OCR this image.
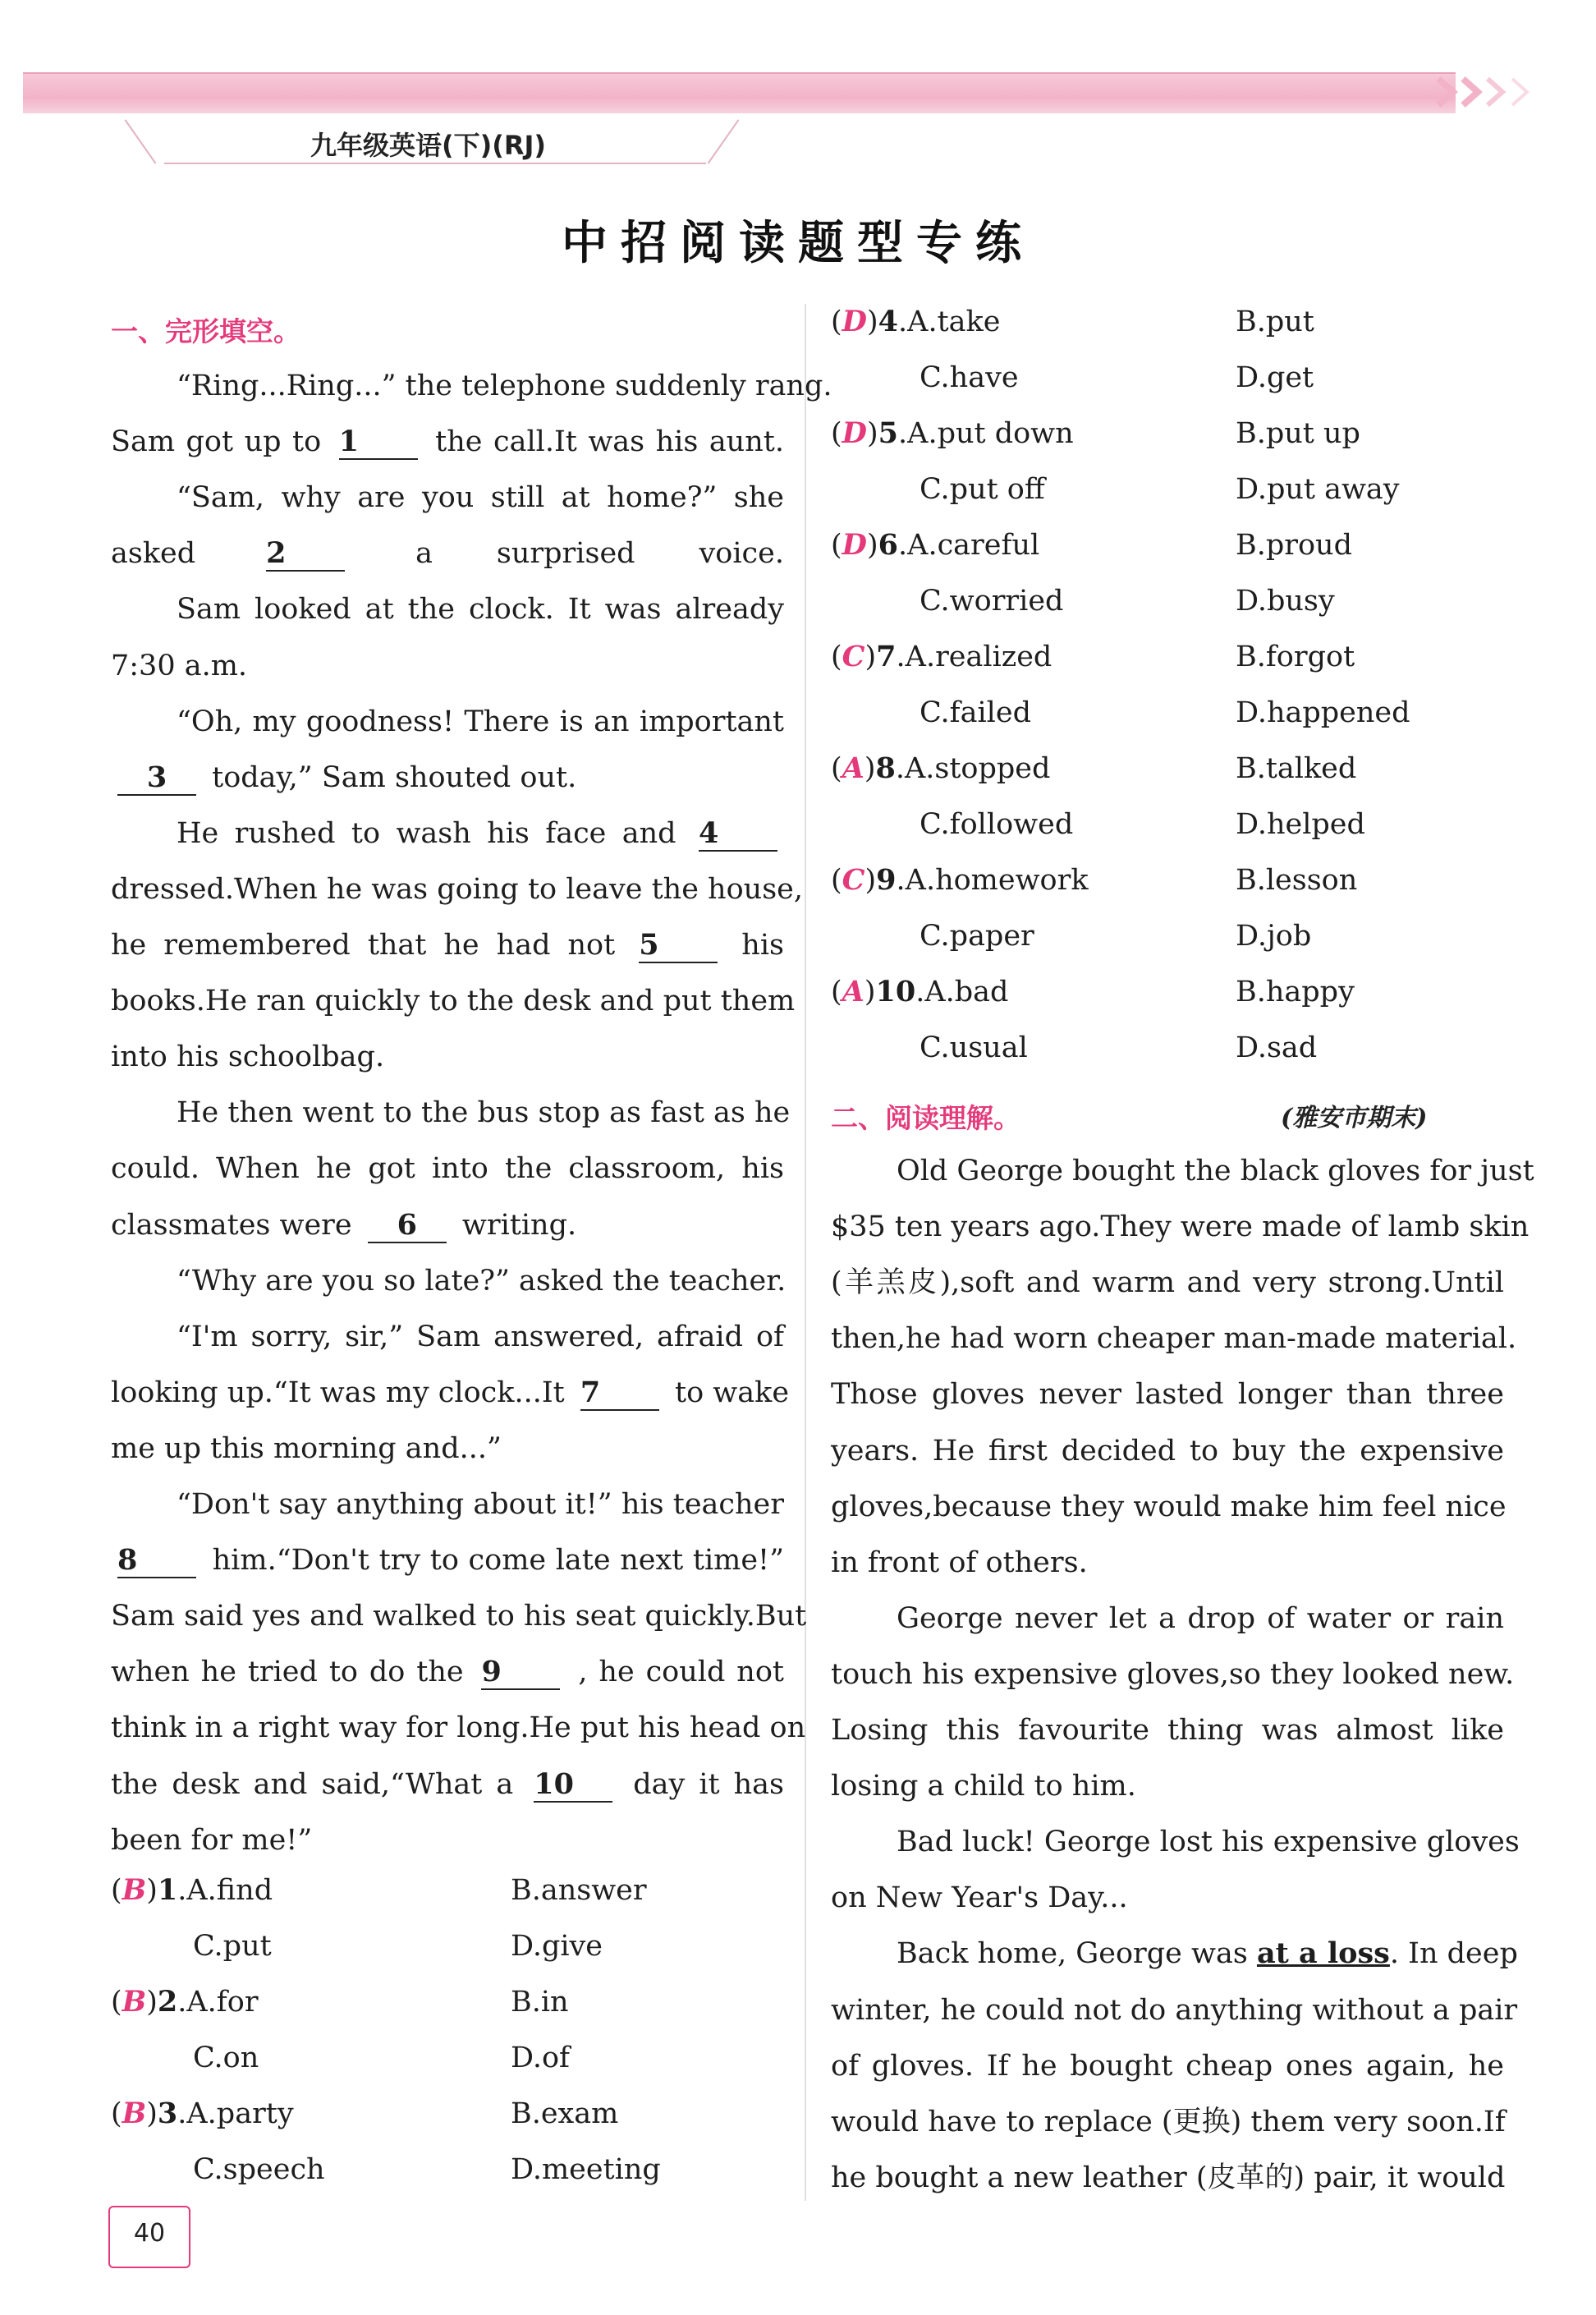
九年级英语(下)(RJ)
中招阅读题型专练
一、完形填空。
“Ring...Ring...” the telephone suddenly rang.
Sam got up to 1	the call.It was his aunt.
“Sam, why are you still at home?” she
asked 2	a surprised voice.
Sam looked at the clock. It was already
7:30 a.m.
“Oh, my goodness! There is an important
3 today,” Sam shouted out.
He rushed to wash his face and 4
dressed.When he was going to leave the house,
he remembered that he had not 5	his
books.He ran quickly to the desk and put them
into his schoolbag.
He then went to the bus stop as fast as he
could. When he got into the classroom, his
classmates were 6 writing.
“Why are you so late?” asked the teacher.
“I'm sorry, sir,” Sam answered, afraid of
looking up.“It was my clock...It 7	to wake
me up this morning and...”
“Don't say anything about it!” his teacher
8	him.“Don't try to come late next time!”
Sam said yes and walked to his seat quickly.But
when he tried to do the 9	, he could not
think in a right way for long.He put his head on
the desk and said,“What a 10 day it has
been for me!”
(B)1.A.find	B.answer
C.put	D.give
(B)2.A.for	B.in
C.on	D.of
(B)3.A.party	B.exam
C.speech	D.meeting
(D)4.A.take	B.put
C.have	D.get
(D)5.A.put down	B.put up
C.put off	D.put away
(D)6.A.careful	B.proud
C.worried	D.busy
(C)7.A.realized	B.forgot
C.failed	D.happened
(A)8.A.stopped	B.talked
C.followed	D.helped
(C)9.A.homework	B.lesson
C.paper	D.job
(A)10.A.bad	B.happy
C.usual	D.sad
二、阅读理解。	(雅安市期末)
Old George bought the black gloves for just
$35 ten years ago.They were made of lamb skin
(羊羔皮),soft and warm and very strong.Until
then,he had worn cheaper man-made material.
Those gloves never lasted longer than three
years. He first decided to buy the expensive
gloves,because they would make him feel nice
in front of others.
George never let a drop of water or rain
touch his expensive gloves,so they looked new.
Losing this favourite thing was almost like
losing a child to him.
Bad luck! George lost his expensive gloves
on New Year's Day...
Back home, George was at a loss. In deep
winter, he could not do anything without a pair
of gloves. If he bought cheap ones again, he
would have to replace (更换) them very soon.If
he bought a new leather (皮革的) pair, it would
40
